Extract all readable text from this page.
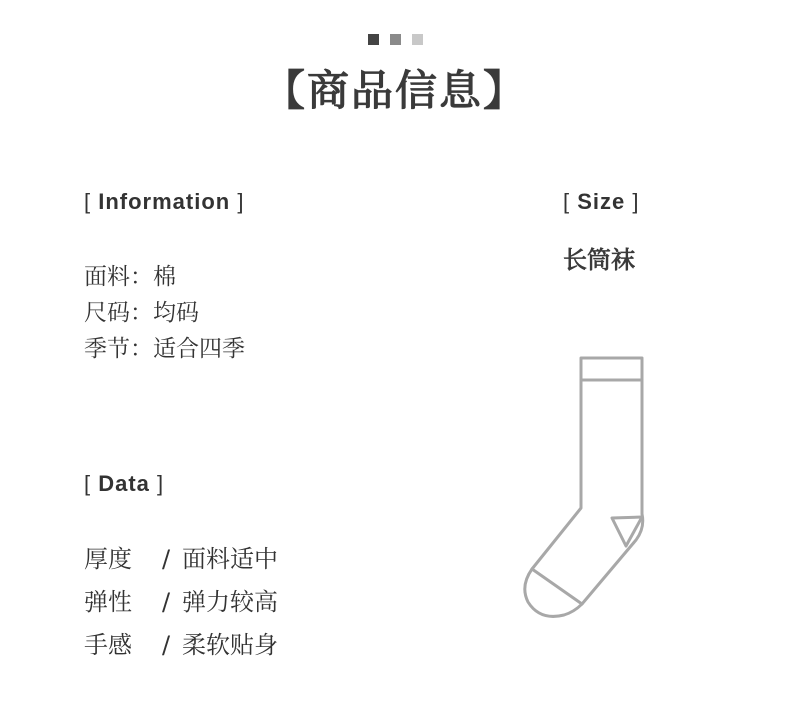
【商品信息】
[ Information ]
面料：棉
尺码：均码
季节：适合四季
[ Data ]
厚度 / 面料适中
弹性 / 弹力较高
手感 / 柔软贴身
[ Size ]
长筒袜
